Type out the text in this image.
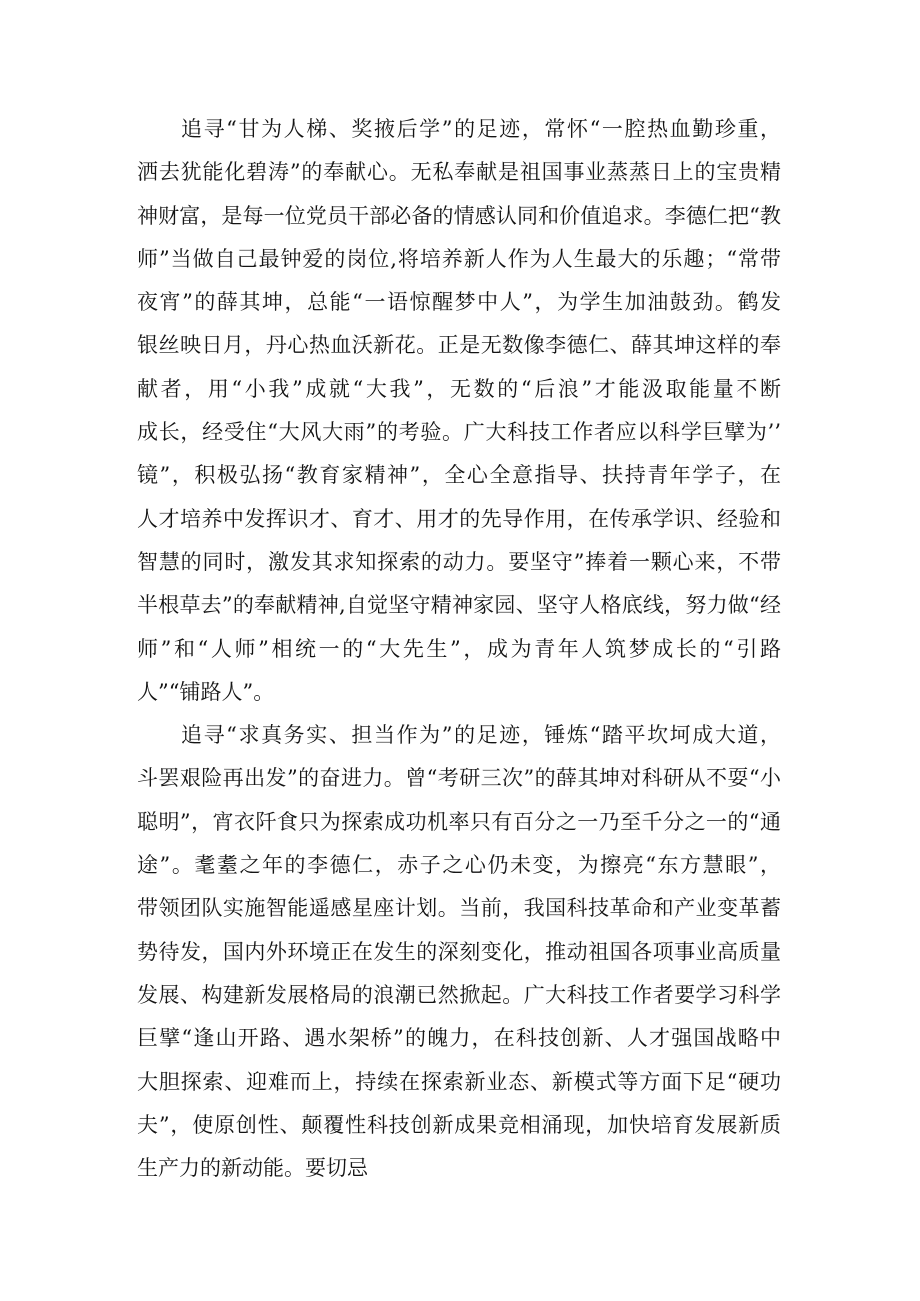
追寻“甘为人梯、奖掖后学”的足迹，常怀“一腔热血勤珍重，
洒去犹能化碧涛”的奉献心。无私奉献是祖国事业蒸蒸日上的宝贵精
神财富，是每一位党员干部必备的情感认同和价值追求。李德仁把“教
师”当做自己最钟爱的岗位,将培养新人作为人生最大的乐趣；“常带
夜宵”的薛其坤，总能“一语惊醒梦中人”，为学生加油鼓劲。鹤发
银丝映日月，丹心热血沃新花。正是无数像李德仁、薛其坤这样的奉
献者，用“小我”成就“大我”，无数的“后浪”才能汲取能量不断
成长，经受住“大风大雨”的考验。广大科技工作者应以科学巨擘为’’
镜”，积极弘扬“教育家精神”，全心全意指导、扶持青年学子，在
人才培养中发挥识才、育才、用才的先导作用，在传承学识、经验和
智慧的同时，激发其求知探索的动力。要坚守”捧着一颗心来，不带
半根草去”的奉献精神,自觉坚守精神家园、坚守人格底线，努力做“经
师”和“人师”相统一的“大先生”，成为青年人筑梦成长的“引路
人”“铺路人”。
追寻“求真务实、担当作为”的足迹，锤炼“踏平坎坷成大道，
斗罢艰险再出发”的奋进力。曾“考研三次”的薛其坤对科研从不耍“小
聪明”，宵衣阡食只为探索成功机率只有百分之一乃至千分之一的“通
途”。耄耋之年的李德仁，赤子之心仍未变，为擦亮“东方慧眼”，
带领团队实施智能遥感星座计划。当前，我国科技革命和产业变革蓄
势待发，国内外环境正在发生的深刻变化，推动祖国各项事业高质量
发展、构建新发展格局的浪潮已然掀起。广大科技工作者要学习科学
巨擘“逢山开路、遇水架桥”的魄力，在科技创新、人才强国战略中
大胆探索、迎难而上，持续在探索新业态、新模式等方面下足“硬功
夫”，使原创性、颠覆性科技创新成果竞相涌现，加快培育发展新质
生产力的新动能。要切忌
